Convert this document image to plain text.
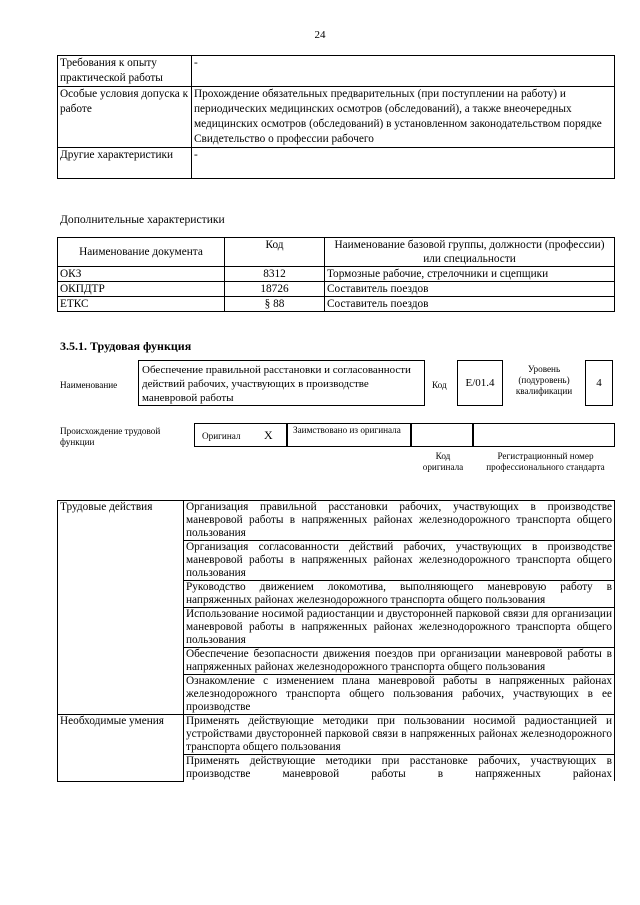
24
Требования к опыту практической работы	-
Особые условия допуска к работе	Прохождение обязательных предварительных (при поступлении на работу) и периодических медицинских осмотров (обследований), а также внеочередных медицинских осмотров (обследований) в установленном законодательством порядке
Свидетельство о профессии рабочего

Другие характеристики	-
Дополнительные характеристики
Наименование документа	Код	Наименование базовой группы, должности (профессии) или специальности
ОКЗ	8312	Тормозные рабочие, стрелочники и сцепщики
ОКПДТР	18726	Составитель поездов
ЕТКС	§ 88	Составитель поездов
3.5.1. Трудовая функция
Наименование
Обеспечение правильной расстановки и согласованности действий рабочих, участвующих в производстве маневровой работы
Код	Е/01.4
Уровень (подуровень) квалификации
4
Происхождение трудовой функции
Оригинал X Заимствовано из оригинала
Код оригинала
Регистрационный номер профессионального стандарта
Трудовые действия	Организация правильной расстановки рабочих, участвующих в производстве маневровой работы в напряженных районах железнодорожного транспорта общего пользования
	Организация согласованности действий рабочих, участвующих в производстве маневровой работы в напряженных районах железнодорожного транспорта общего пользования
	Руководство движением локомотива, выполняющего маневровую работу в напряженных районах железнодорожного транспорта общего пользования
	Использование носимой радиостанции и двусторонней парковой связи для организации маневровой работы в напряженных районах железнодорожного транспорта общего пользования
	Обеспечение безопасности движения поездов при организации маневровой работы в напряженных районах железнодорожного транспорта общего пользования
	Ознакомление с изменением плана маневровой работы в напряженных районах железнодорожного транспорта общего пользования рабочих, участвующих в ее производстве
Необходимые умения	Применять действующие методики при пользовании носимой радиостанцией и устройствами двусторонней парковой связи в напряженных районах железнодорожного транспорта общего пользования
	Применять действующие методики при расстановке рабочих, участвующих в производстве маневровой работы в напряженных районах
